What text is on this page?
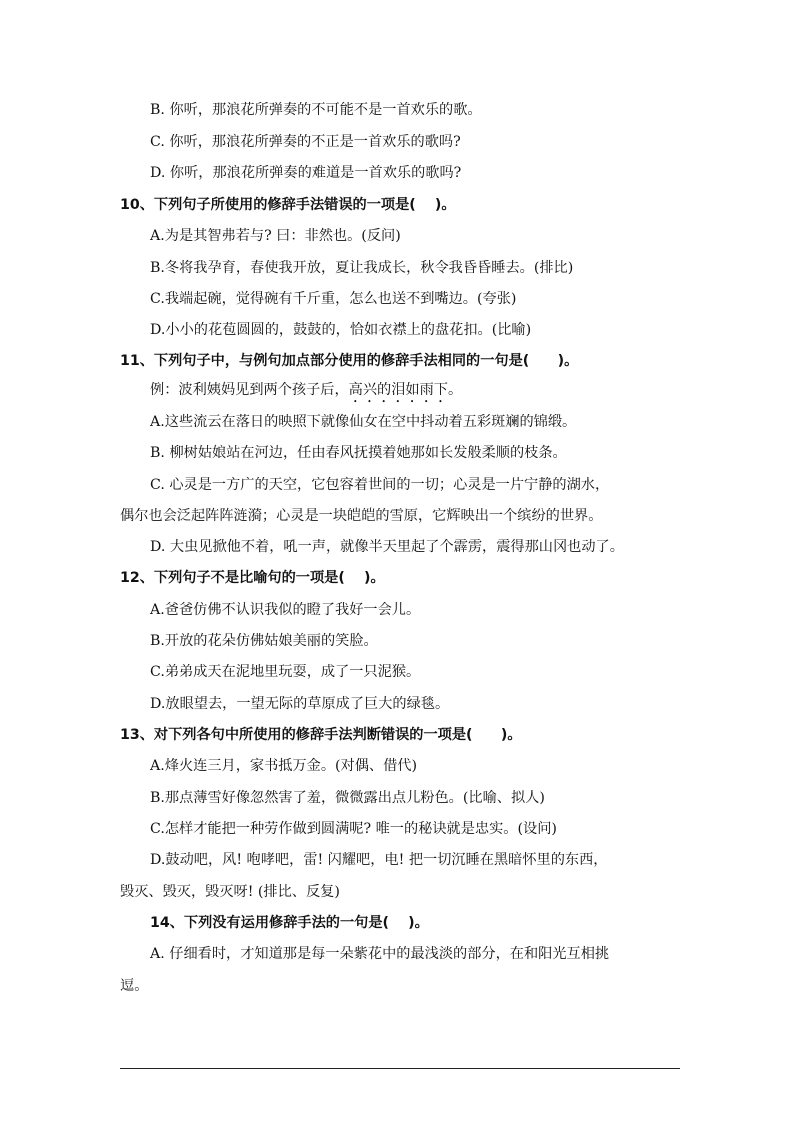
B. 你听，那浪花所弹奏的不可能不是一首欢乐的歌。
C. 你听，那浪花所弹奏的不正是一首欢乐的歌吗?
D. 你听，那浪花所弹奏的难道是一首欢乐的歌吗?
10、下列句子所使用的修辞手法错误的一项是(　 )。
A.为是其智弗若与? 曰：非然也。(反问)
B.冬将我孕育，春使我开放，夏让我成长，秋令我昏昏睡去。(排比)
C.我端起碗，觉得碗有千斤重，怎么也送不到嘴边。(夸张)
D.小小的花苞圆圆的，鼓鼓的，恰如衣襟上的盘花扣。(比喻)
11、下列句子中，与例句加点部分使用的修辞手法相同的一句是(　　)。
例：波利姨妈见到两个孩子后，高兴的泪如雨下。
A.这些流云在落日的映照下就像仙女在空中抖动着五彩斑斓的锦缎。
B. 柳树姑娘站在河边，任由春风抚摸着她那如长发般柔顺的枝条。
C. 心灵是一方广的天空，它包容着世间的一切；心灵是一片宁静的湖水，
偶尔也会泛起阵阵涟漪；心灵是一块皑皑的雪原，它辉映出一个缤纷的世界。
D. 大虫见掀他不着，吼一声，就像半天里起了个霹雳，震得那山冈也动了。
12、下列句子不是比喻句的一项是(　 )。
A.爸爸仿佛不认识我似的瞪了我好一会儿。
B.开放的花朵仿佛姑娘美丽的笑脸。
C.弟弟成天在泥地里玩耍，成了一只泥猴。
D.放眼望去，一望无际的草原成了巨大的绿毯。
13、对下列各句中所使用的修辞手法判断错误的一项是(　　)。
A.烽火连三月，家书抵万金。(对偶、借代)
B.那点薄雪好像忽然害了羞，微微露出点儿粉色。(比喻、拟人)
C.怎样才能把一种劳作做到圆满呢? 唯一的秘诀就是忠实。(设问)
D.鼓动吧，风! 咆哮吧，雷! 闪耀吧，电! 把一切沉睡在黑暗怀里的东西，
毁灭、毁灭，毁灭呀! (排比、反复)
14、下列没有运用修辞手法的一句是(　 )。
A. 仔细看时，才知道那是每一朵紫花中的最浅淡的部分，在和阳光互相挑
逗。
